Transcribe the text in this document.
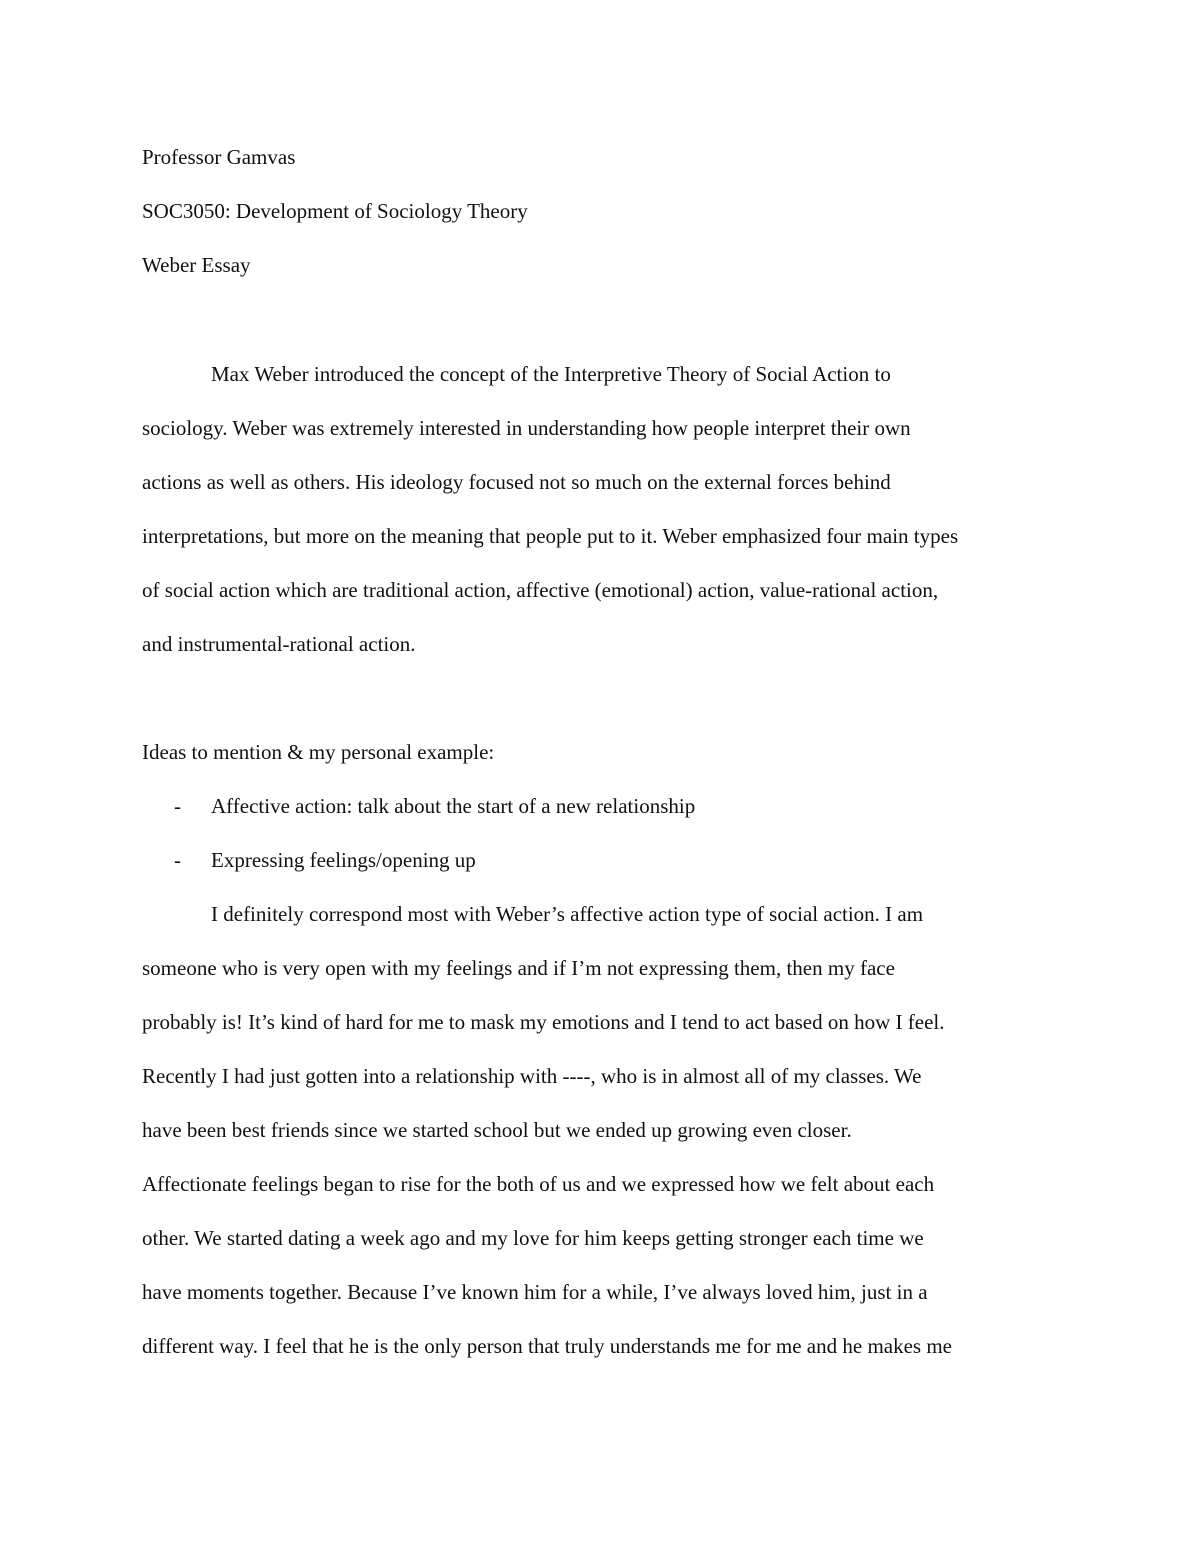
Professor Gamvas
SOC3050: Development of Sociology Theory
Weber Essay
Max Weber introduced the concept of the Interpretive Theory of Social Action to
sociology. Weber was extremely interested in understanding how people interpret their own
actions as well as others. His ideology focused not so much on the external forces behind
interpretations, but more on the meaning that people put to it. Weber emphasized four main types
of social action which are traditional action, affective (emotional) action, value-rational action,
and instrumental-rational action.
Ideas to mention & my personal example:
- Affective action: talk about the start of a new relationship
- Expressing feelings/opening up
I definitely correspond most with Weber’s affective action type of social action. I am
someone who is very open with my feelings and if I’m not expressing them, then my face
probably is! It’s kind of hard for me to mask my emotions and I tend to act based on how I feel.
Recently I had just gotten into a relationship with ----, who is in almost all of my classes. We
have been best friends since we started school but we ended up growing even closer.
Affectionate feelings began to rise for the both of us and we expressed how we felt about each
other. We started dating a week ago and my love for him keeps getting stronger each time we
have moments together. Because I’ve known him for a while, I’ve always loved him, just in a
different way. I feel that he is the only person that truly understands me for me and he makes me
